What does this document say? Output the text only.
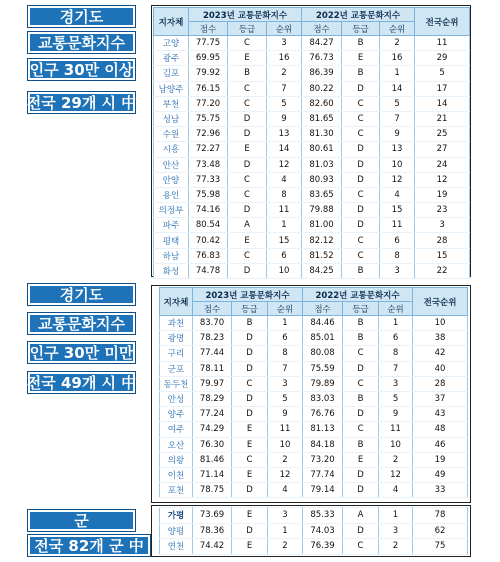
경기도
교통문화지수
인구 30만 이상
전국 29개 시 中
지자체	2023년 교통문화지수			2022년 교통문화지수			전국순위
	점수	등급	순위	점수	등급	순위	
고양	77.75	C	3	84.27	B	2	11
광주	69.95	E	16	76.73	E	16	29
김포	79.92	B	2	86.39	B	1	5
남양주	76.15	C	7	80.22	D	14	17
부천	77.20	C	5	82.60	C	5	14
성남	75.75	D	9	81.65	C	7	21
수원	72.96	D	13	81.30	C	9	25
시흥	72.27	E	14	80.61	D	13	27
안산	73.48	D	12	81.03	D	10	24
안양	77.33	C	4	80.93	D	12	12
용인	75.98	C	8	83.65	C	4	19
의정부	74.16	D	11	79.88	D	15	23
파주	80.54	A	1	81.00	D	11	3
평택	70.42	E	15	82.12	C	6	28
하남	76.83	C	6	81.52	C	8	15
화성	74.78	D	10	84.25	B	3	22
경기도
교통문화지수
인구 30만 미만
전국 49개 시 中
지자체	2023년 교통문화지수			2022년 교통문화지수			전국순위
	점수	등급	순위	점수	등급	순위	
과천	83.70	B	1	84.46	B	1	10
광명	78.23	D	6	85.01	B	6	38
구리	77.44	D	8	80.08	C	8	42
군포	78.11	D	7	75.59	D	7	40
동두천	79.97	C	3	79.89	C	3	28
안성	78.29	D	5	83.03	B	5	37
양주	77.24	D	9	76.76	D	9	43
여주	74.29	E	11	81.13	C	11	48
오산	76.30	E	10	84.18	B	10	46
의왕	81.46	C	2	73.20	E	2	19
이천	71.14	E	12	77.74	D	12	49
포천	78.75	D	4	79.14	D	4	33
군
전국 82개 군 中
가평	73.69	E	3	85.33	A	1	78
양평	78.36	D	1	74.03	D	3	62
연천	74.42	E	2	76.39	C	2	75
